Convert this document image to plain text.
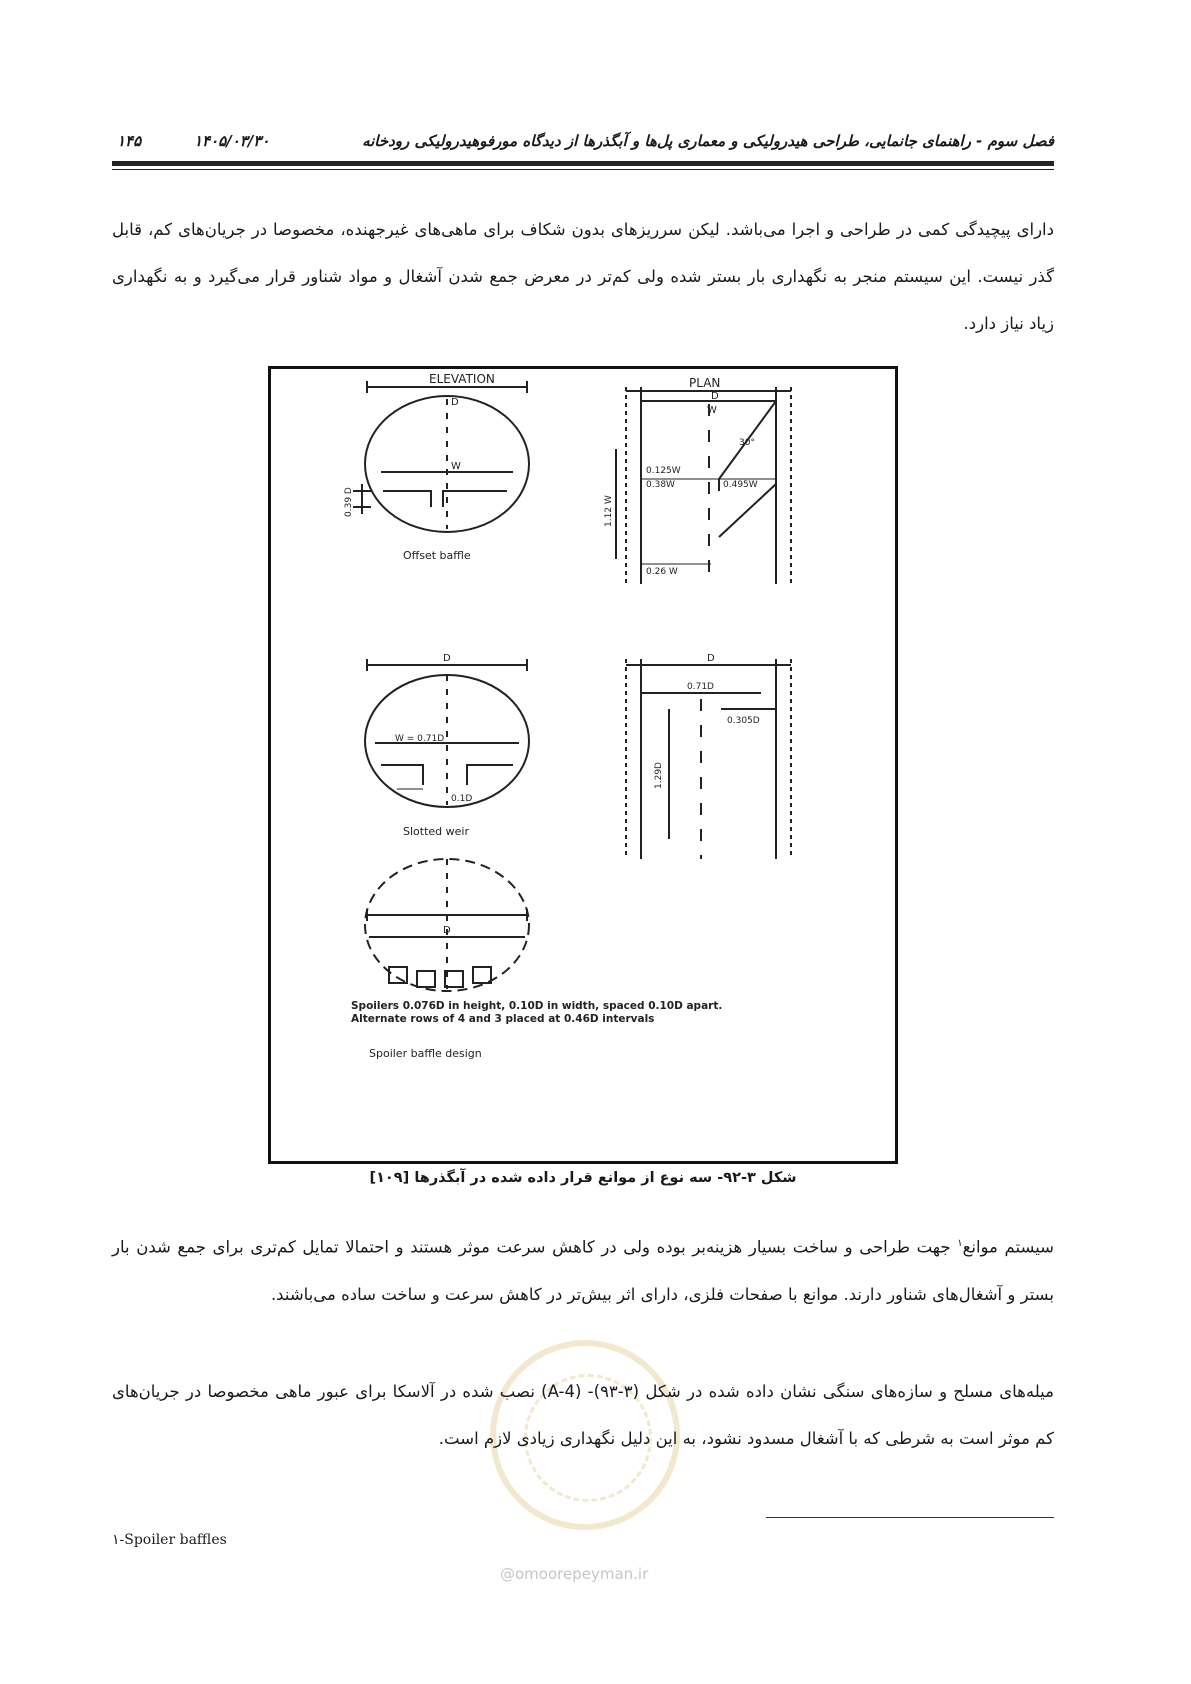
۱۴۵	۱۴۰۵/۰۳/۳۰	فصل سوم - راهنمای جانمایی، طراحی هیدرولیکی و معماری پل‌ها و آبگذرها از دیدگاه مورفوهیدرولیکی رودخانه

دارای پیچیدگی کمی در طراحی و اجرا می‌باشد. لیکن سرریزهای بدون شکاف برای ماهی‌های غیرجهنده، مخصوصا در جریان‌های کم، قابل گذر نیست. این سیستم منجر به نگهداری بار بستر شده ولی کم‌تر در معرض جمع شدن آشغال و مواد شناور قرار می‌گیرد و به نگهداری زیاد نیاز دارد.

ELEVATION	PLAN
D
W
0.39 D
Offset baffle
D
W
30°
0.125W
0.38W	0.495W
1.12 W
0.26 W
D
W = 0.71D
0.1D
Slotted weir
D
0.71D
0.305D
1.29D
D
Spoilers 0.076D in height, 0.10D in width, spaced 0.10D apart.
Alternate rows of 4 and 3 placed at 0.46D intervals
Spoiler baffle design
شکل ۳-۹۲- سه نوع از موانع قرار داده شده در آبگذرها [۱۰۹]

سیستم موانع$^۱$ جهت طراحی و ساخت بسیار هزینه‌بر بوده ولی در کاهش سرعت موثر هستند و احتمالا تمایل کم‌تری برای جمع شدن بار بستر و آشغال‌های شناور دارند. موانع با صفحات فلزی، دارای اثر بیش‌تر در کاهش سرعت و ساخت ساده می‌باشند.

میله‌های مسلح و سازه‌های سنگی نشان داده شده در شکل (۳-۹۳)- (A-4) نصب شده در آلاسکا برای عبور ماهی مخصوصا در جریان‌های کم موثر است به شرطی که با آشغال مسدود نشود، به این دلیل نگهداری زیادی لازم است.

۱-Spoiler baffles
@omoorepeyman.ir
